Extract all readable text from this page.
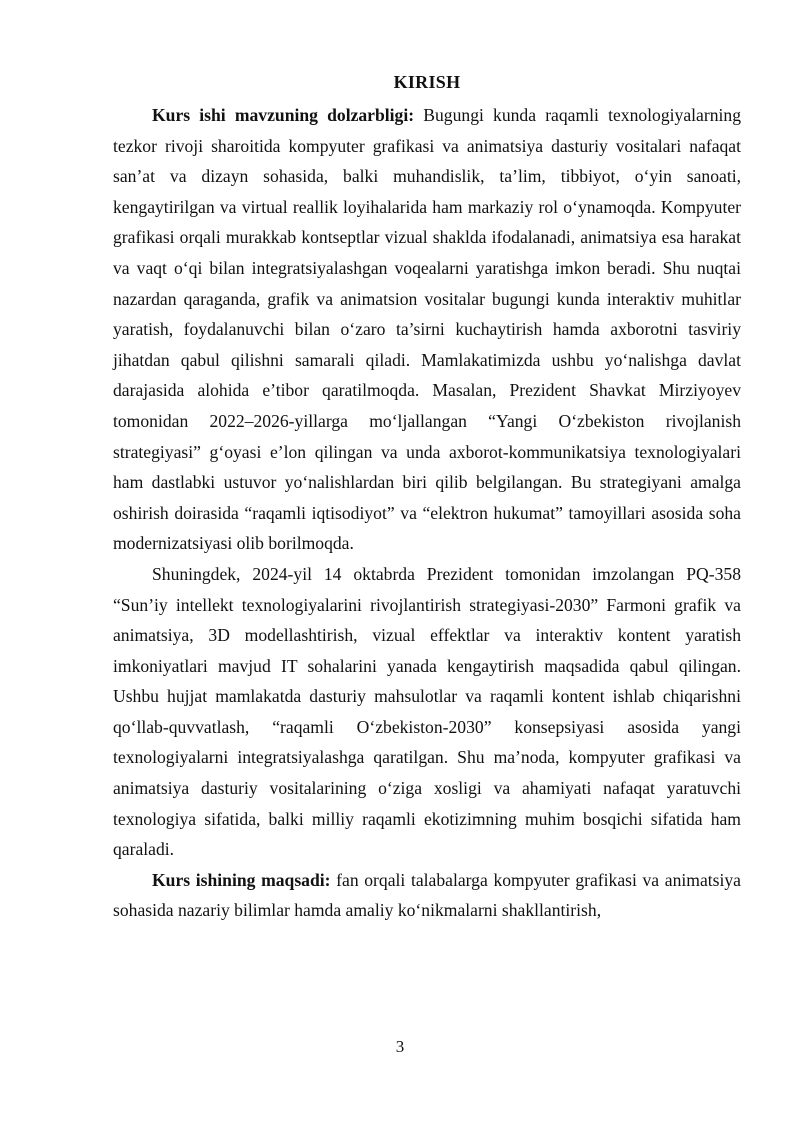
KIRISH

Kurs ishi mavzuning dolzarbligi: Bugungi kunda raqamli texnologiyalarning tezkor rivoji sharoitida kompyuter grafikasi va animatsiya dasturiy vositalari nafaqat san’at va dizayn sohasida, balki muhandislik, ta’lim, tibbiyot, o‘yin sanoati, kengaytirilgan va virtual reallik loyihalarida ham markaziy rol o‘ynamoqda. Kompyuter grafikasi orqali murakkab kontseptlar vizual shaklda ifodalanadi, animatsiya esa harakat va vaqt o‘qi bilan integratsiyalashgan voqealarni yaratishga imkon beradi. Shu nuqtai nazardan qaraganda, grafik va animatsion vositalar bugungi kunda interaktiv muhitlar yaratish, foydalanuvchi bilan o‘zaro ta’sirni kuchaytirish hamda axborotni tasviriy jihatdan qabul qilishni samarali qiladi. Mamlakatimizda ushbu yo‘nalishga davlat darajasida alohida e’tibor qaratilmoqda. Masalan, Prezident Shavkat Mirziyoyev tomonidan 2022–2026-yillarga mo‘ljallangan “Yangi O‘zbekiston rivojlanish strategiyasi” g‘oyasi e’lon qilingan va unda axborot-kommunikatsiya texnologiyalari ham dastlabki ustuvor yo‘nalishlardan biri qilib belgilangan. Bu strategiyani amalga oshirish doirasida “raqamli iqtisodiyot” va “elektron hukumat” tamoyillari asosida soha modernizatsiyasi olib borilmoqda.

Shuningdek, 2024-yil 14 oktabrda Prezident tomonidan imzolangan PQ-358 “Sun’iy intellekt texnologiyalarini rivojlantirish strategiyasi-2030” Farmoni grafik va animatsiya, 3D modellashtirish, vizual effektlar va interaktiv kontent yaratish imkoniyatlari mavjud IT sohalarini yanada kengaytirish maqsadida qabul qilingan. Ushbu hujjat mamlakatda dasturiy mahsulotlar va raqamli kontent ishlab chiqarishni qo‘llab-quvvatlash, “raqamli O‘zbekiston-2030” konsepsiyasi asosida yangi texnologiyalarni integratsiyalashga qaratilgan. Shu ma’noda, kompyuter grafikasi va animatsiya dasturiy vositalarining o‘ziga xosligi va ahamiyati nafaqat yaratuvchi texnologiya sifatida, balki milliy raqamli ekotizimning muhim bosqichi sifatida ham qaraladi.

Kurs ishining maqsadi: fan orqali talabalarga kompyuter grafikasi va animatsiya sohasida nazariy bilimlar hamda amaliy ko‘nikmalarni shakllantirish,

3
